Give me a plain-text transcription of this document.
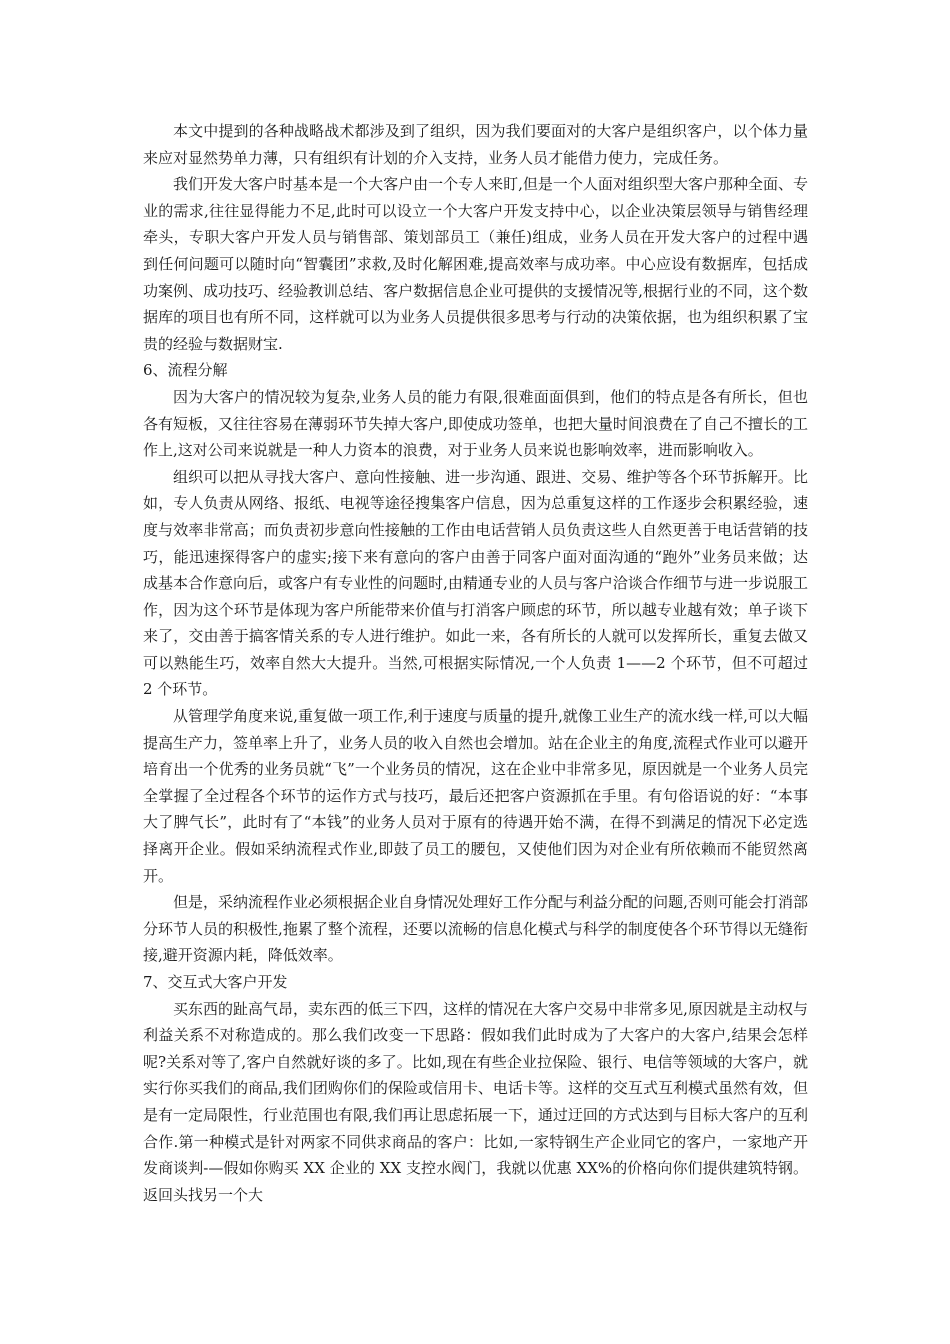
本文中提到的各种战略战术都涉及到了组织，因为我们要面对的大客户是组织客户，以个体力量来应对显然势单力薄，只有组织有计划的介入支持，业务人员才能借力使力，完成任务。

我们开发大客户时基本是一个大客户由一个专人来盯,但是一个人面对组织型大客户那种全面、专业的需求,往往显得能力不足,此时可以设立一个大客户开发支持中心，以企业决策层领导与销售经理牵头，专职大客户开发人员与销售部、策划部员工（兼任)组成，业务人员在开发大客户的过程中遇到任何问题可以随时向“智囊团”求救,及时化解困难,提高效率与成功率。中心应设有数据库，包括成功案例、成功技巧、经验教训总结、客户数据信息企业可提供的支援情况等,根据行业的不同，这个数据库的项目也有所不同，这样就可以为业务人员提供很多思考与行动的决策依据，也为组织积累了宝贵的经验与数据财宝.

6、流程分解

因为大客户的情况较为复杂,业务人员的能力有限,很难面面俱到，他们的特点是各有所长，但也各有短板，又往往容易在薄弱环节失掉大客户,即使成功签单，也把大量时间浪费在了自己不擅长的工作上,这对公司来说就是一种人力资本的浪费，对于业务人员来说也影响效率，进而影响收入。

组织可以把从寻找大客户、意向性接触、进一步沟通、跟进、交易、维护等各个环节拆解开。比如，专人负责从网络、报纸、电视等途径搜集客户信息，因为总重复这样的工作逐步会积累经验，速度与效率非常高；而负责初步意向性接触的工作由电话营销人员负责这些人自然更善于电话营销的技巧，能迅速探得客户的虚实;接下来有意向的客户由善于同客户面对面沟通的“跑外”业务员来做；达成基本合作意向后，或客户有专业性的问题时,由精通专业的人员与客户洽谈合作细节与进一步说服工作，因为这个环节是体现为客户所能带来价值与打消客户顾虑的环节，所以越专业越有效；单子谈下来了，交由善于搞客情关系的专人进行维护。如此一来，各有所长的人就可以发挥所长，重复去做又可以熟能生巧，效率自然大大提升。当然,可根据实际情况,一个人负责 1——2 个环节，但不可超过 2 个环节。

从管理学角度来说,重复做一项工作,利于速度与质量的提升,就像工业生产的流水线一样,可以大幅提高生产力，签单率上升了，业务人员的收入自然也会增加。站在企业主的角度,流程式作业可以避开培育出一个优秀的业务员就“飞”一个业务员的情况，这在企业中非常多见，原因就是一个业务人员完全掌握了全过程各个环节的运作方式与技巧，最后还把客户资源抓在手里。有句俗语说的好：“本事大了脾气长”，此时有了“本钱”的业务人员对于原有的待遇开始不满，在得不到满足的情况下必定选择离开企业。假如采纳流程式作业,即鼓了员工的腰包，又使他们因为对企业有所依赖而不能贸然离开。

但是，采纳流程作业必须根据企业自身情况处理好工作分配与利益分配的问题,否则可能会打消部分环节人员的积极性,拖累了整个流程，还要以流畅的信息化模式与科学的制度使各个环节得以无缝衔接,避开资源内耗，降低效率。

7、交互式大客户开发

买东西的趾高气昂，卖东西的低三下四，这样的情况在大客户交易中非常多见,原因就是主动权与利益关系不对称造成的。那么我们改变一下思路：假如我们此时成为了大客户的大客户,结果会怎样呢?关系对等了,客户自然就好谈的多了。比如,现在有些企业拉保险、银行、电信等领域的大客户，就实行你买我们的商品,我们团购你们的保险或信用卡、电话卡等。这样的交互式互利模式虽然有效，但是有一定局限性，行业范围也有限,我们再让思虑拓展一下，通过迂回的方式达到与目标大客户的互利合作.第一种模式是针对两家不同供求商品的客户：比如,一家特钢生产企业同它的客户，一家地产开发商谈判-—假如你购买 XX 企业的 XX 支控水阀门，我就以优惠 XX%的价格向你们提供建筑特钢。返回头找另一个大
